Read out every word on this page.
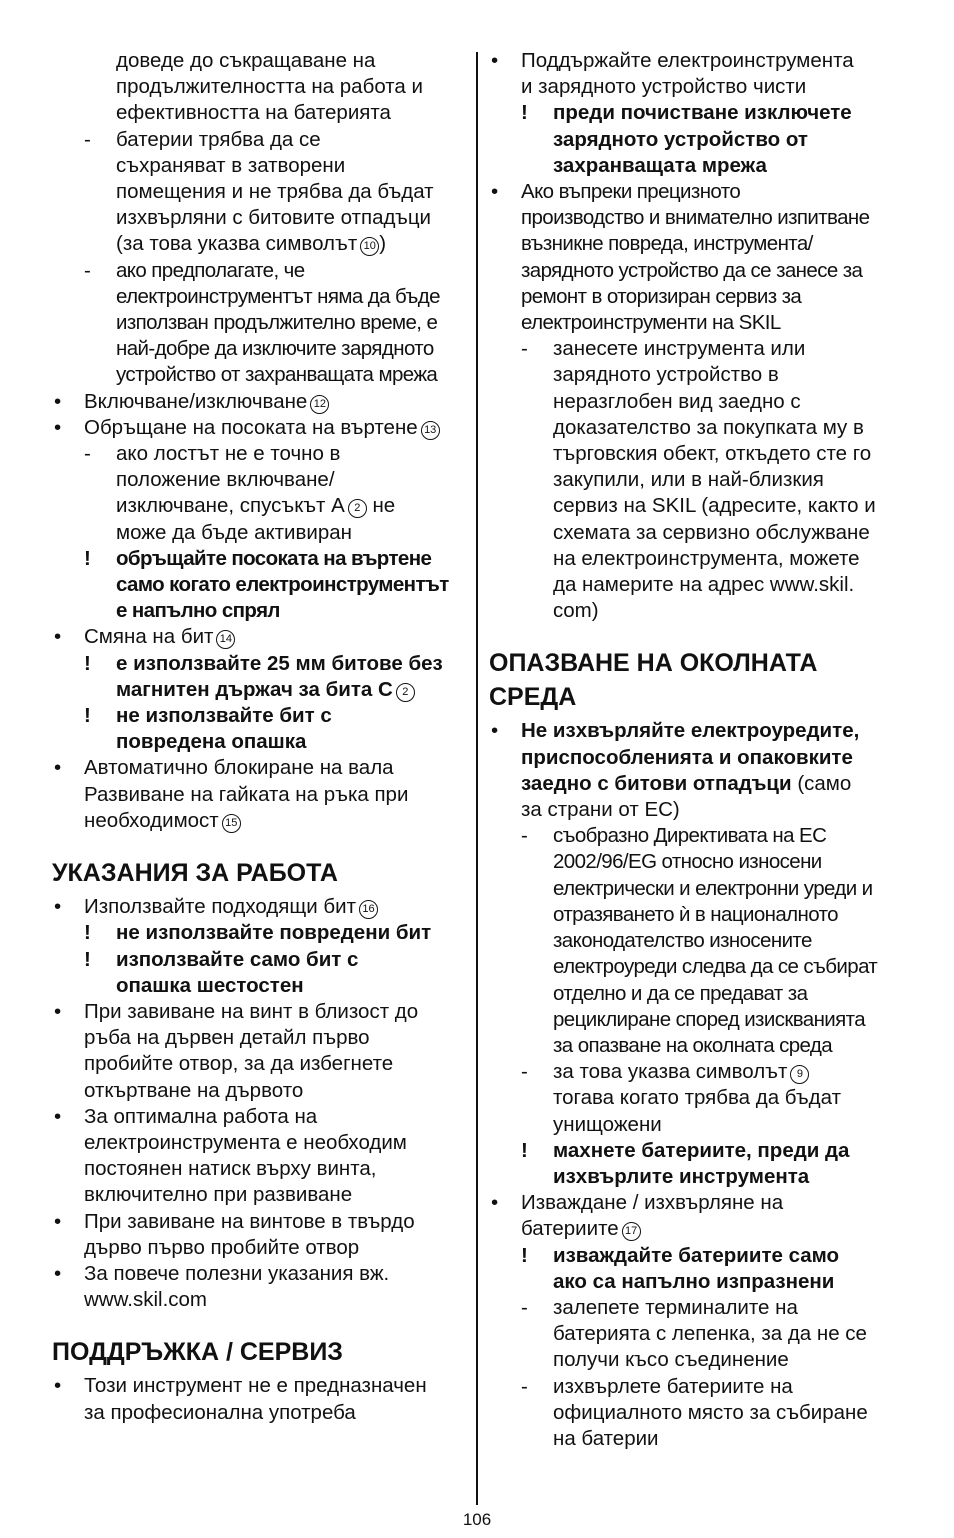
доведе до съкращаване на
продължителността на работа и
ефективността на батерията
- батерии трябва да се
съхраняват в затворени
помещения и не трябва да бъдат
изхвърляни с битовите отпадъци
(за това указва символът 10 )
- ако предполагате, че
електроинструментът няма да бъде
използван продължително време, е
най-добре да изключите зарядното
устройство от захранващата мрежа
• Включване/изключване 12
• Обръщане на посоката на въртене 13
- ако лостът не е точно в
положение включване/
изключване, спусъкът А 2 не
може да бъде активиран
! обръщайте посоката на въртене
само когато електроинструментът
е напълно спрял
• Смяна на бит 14
! е използвайте 25 мм битове без
магнитен държач за бита С 2
! не използвайте бит с
повредена опашка
• Автоматично блокиране на вала
Развиване на гайката на ръка при
необходимост 15
УКАЗАНИЯ ЗА РАБОТА
• Използвайте подходящи бит 16
! не използвайте повредени бит
! използвайте само бит с
опашка шестостен
• При завиване на винт в близост до
ръба на дървен детайл първо
пробийте отвор, за да избегнете
откъртване на дървото
• За оптимална работа на
електроинструмента е необходим
постоянен натиск върху винта,
включително при развиване
• При завиване на винтове в твърдо
дърво първо пробийте отвор
• За повече полезни указания вж.
www.skil.com
ПОДДРЪЖКА / СЕРВИЗ
• Този инструмент не е предназначен
за професионална употреба
• Поддържайте електроинструмента
и зарядното устройство чисти
! преди почистване изключете
зарядното устройство от
захранващата мрежа
• Ако въпреки прецизното
производство и внимателно изпитване
възникне повреда, инструмента/
зарядното устройство да се занесе за
ремонт в оторизиран сервиз за
електроинструменти на SKIL
- занесете инструмента или
зарядното устройство в
неразглобен вид заедно с
доказателство за покупката му в
търговския обект, откъдето сте го
закупили, или в най-близкия
сервиз на SKIL (адресите, както и
схемата за сервизно обслужване
на електроинструмента, можете
да намерите на адрес www.skil.
com)
ОПАЗВАНЕ НА ОКОЛНАТА
СРЕДА
• Не изхвърляйте електроуредите,
приспособленията и опаковките
заедно с битови отпадъци (само
за страни от ЕС)
- съобразно Директивата на ЕС
2002/96/EG относно износени
електрически и електронни уреди и
отразяването ѝ в националното
законодателство износените
електроуреди следва да се събират
отделно и да се предават за
рециклиране според изискванията
за опазване на околната среда
- за това указва символът 9
тогава когато трябва да бъдат
унищожени
! махнете батериите, преди да
изхвърлите инструмента
• Изваждане / изхвърляне на
батериите 17
! изваждайте батериите само
ако са напълно изпразнени
- залепете терминалите на
батерията с лепенка, за да не се
получи късо съединение
- изхвърлете батериите на
официалното място за събиране
на батерии
106
